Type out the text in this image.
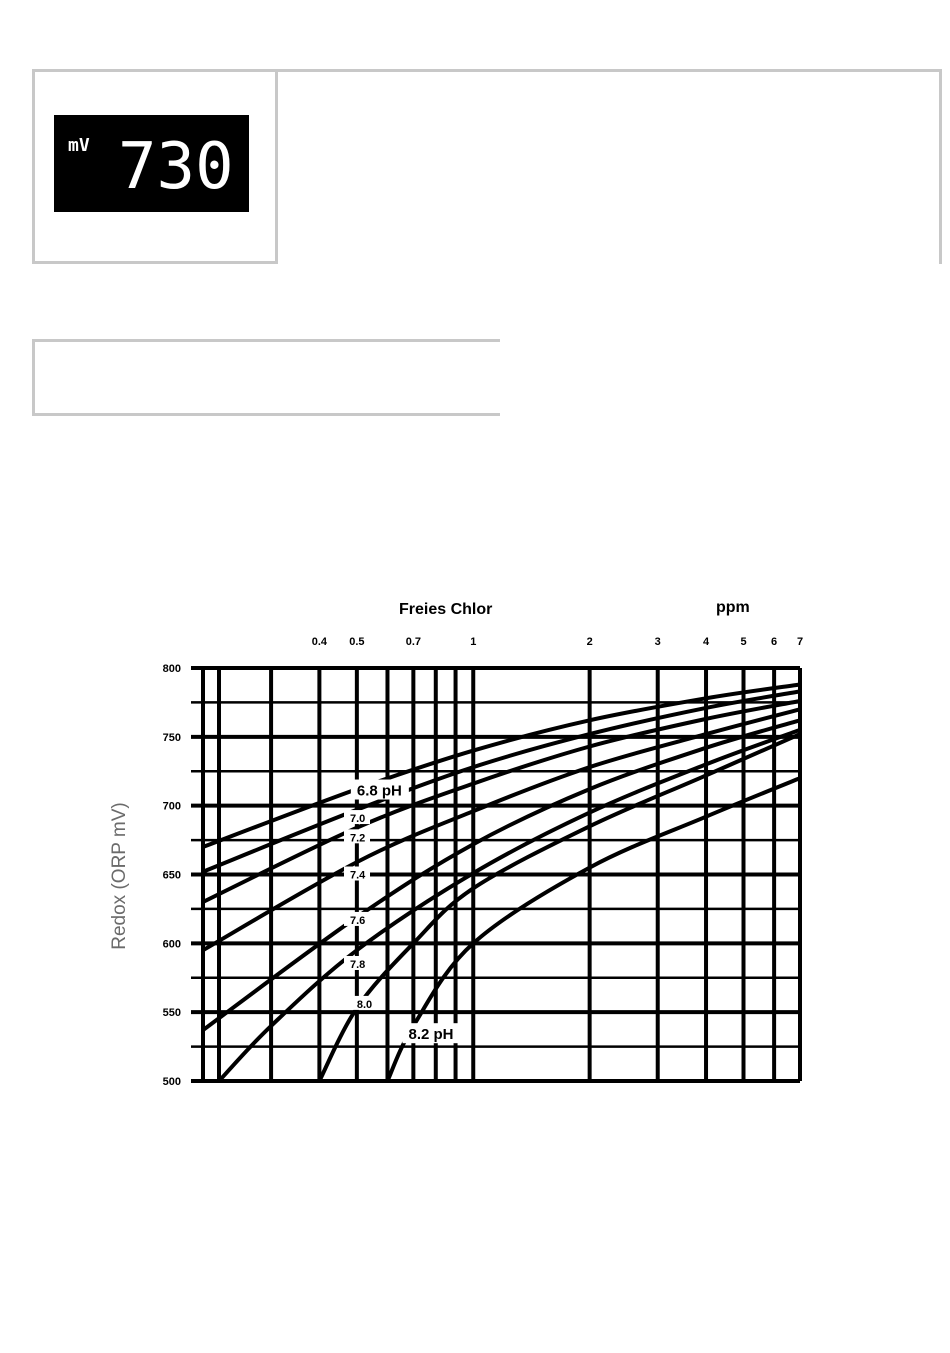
mV 730
Freies Chlor	ppm
Redox (ORP mV)
6.8 pH
7.0
7.2
7.4
7.6
7.8
8.0
8.2 pH
0.4 0.5	0.7	1	2	3	4	5 6 7
500
550
600
650
700
750
800
